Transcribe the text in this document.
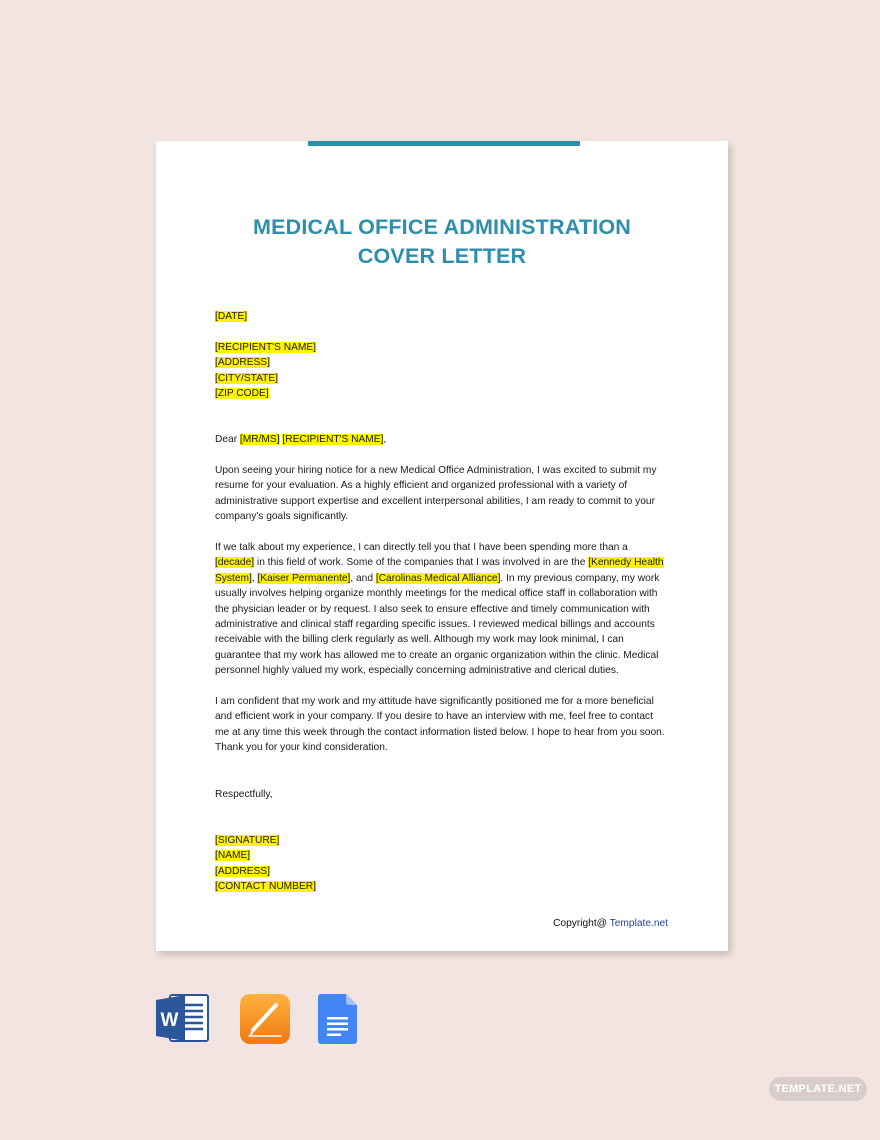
MEDICAL OFFICE ADMINISTRATION
COVER LETTER

[DATE]

[RECIPIENT'S NAME]

[ADDRESS]

[CITY/STATE]

[ZIP CODE]

Dear [MR/MS] [RECIPIENT'S NAME],

Upon seeing your hiring notice for a new Medical Office Administration, I was excited to submit my resume for your evaluation. As a highly efficient and organized professional with a variety of administrative support expertise and excellent interpersonal abilities, I am ready to commit to your company's goals significantly.

If we talk about my experience, I can directly tell you that I have been spending more than a [decade] in this field of work. Some of the companies that I was involved in are the [Kennedy Health System], [Kaiser Permanente], and [Carolinas Medical Alliance]. In my previous company, my work usually involves helping organize monthly meetings for the medical office staff in collaboration with the physician leader or by request. I also seek to ensure effective and timely communication with administrative and clinical staff regarding specific issues. I reviewed medical billings and accounts receivable with the billing clerk regularly as well. Although my work may look minimal, I can guarantee that my work has allowed me to create an organic organization within the clinic. Medical personnel highly valued my work, especially concerning administrative and clerical duties.

I am confident that my work and my attitude have significantly positioned me for a more beneficial and efficient work in your company. If you desire to have an interview with me, feel free to contact me at any time this week through the contact information listed below. I hope to hear from you soon. Thank you for your kind consideration.

Respectfully,

[SIGNATURE]

[NAME]

[ADDRESS]

[CONTACT NUMBER]

Copyright@ Template.net
W
TEMPLATE.NET
